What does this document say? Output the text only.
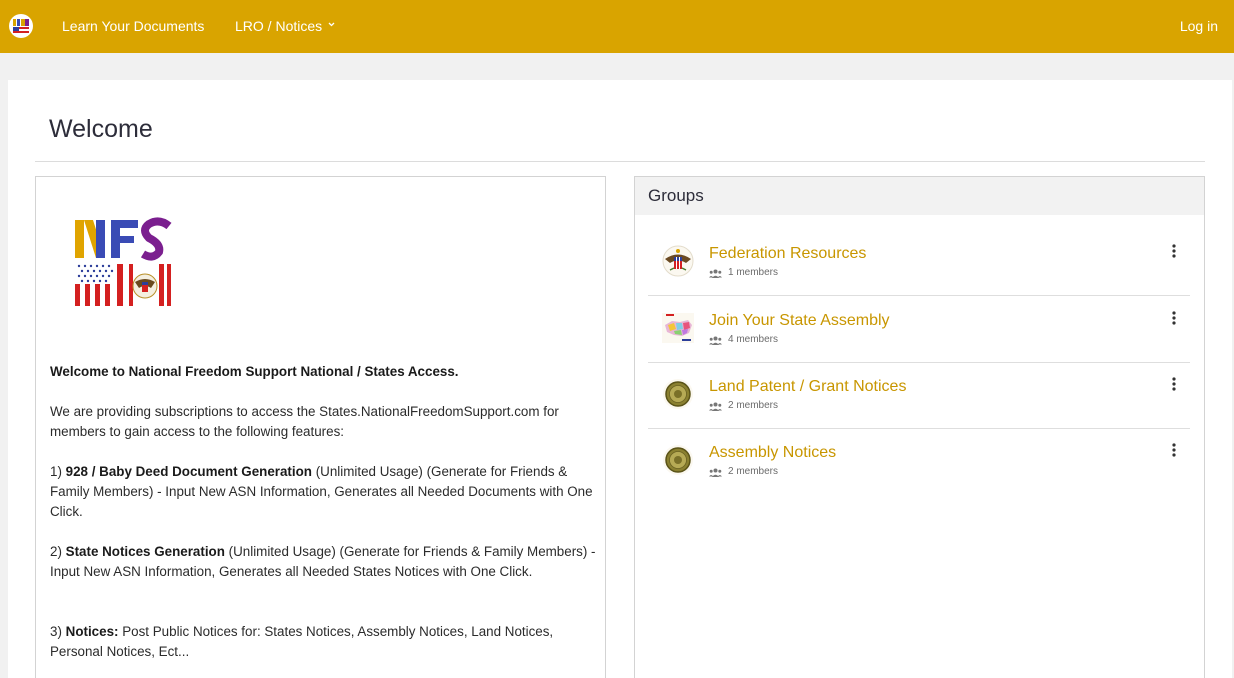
Learn Your Documents LRO / Notices	Log in
Welcome
Welcome to National Freedom Support National / States Access.
We are providing subscriptions to access the States.NationalFreedomSupport.com for members to gain access to the following features:
1) 928 / Baby Deed Document Generation (Unlimited Usage) (Generate for Friends & Family Members) - Input New ASN Information, Generates all Needed Documents with One Click.
2) State Notices Generation (Unlimited Usage) (Generate for Friends & Family Members) - Input New ASN Information, Generates all Needed States Notices with One Click.
3) Notices: Post Public Notices for: States Notices, Assembly Notices, Land Notices, Personal Notices, Ect...
Groups
Federation Resources
1 members
Join Your State Assembly
4 members
Land Patent / Grant Notices
2 members
Assembly Notices
2 members
